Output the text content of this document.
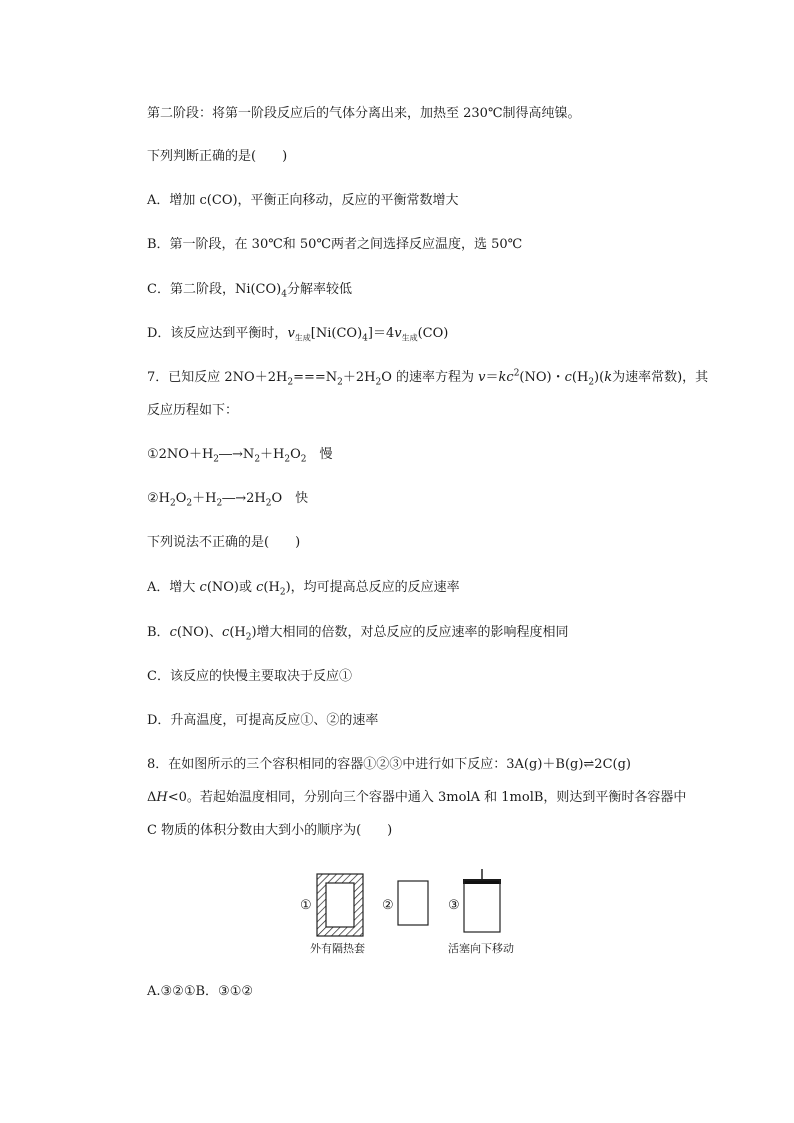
第二阶段：将第一阶段反应后的气体分离出来，加热至 230℃制得高纯镍。
下列判断正确的是(　　)
A．增加 c(CO)，平衡正向移动，反应的平衡常数增大
B．第一阶段，在 30℃和 50℃两者之间选择反应温度，选 50℃
C．第二阶段，$Ni(CO)_4$分解率较低
D．该反应达到平衡时，$v_{生成}[Ni(CO)_4]=4v_{生成}(CO)$
7．已知反应 $2NO+2H_2===N_2+2H_2O$ 的速率方程为 $v=kc^2(NO)$・$c(H_2)(k$为速率常数)，其
反应历程如下：
$①2NO+H_2―\to N_2+H_2O_2$　慢
$②H_2O_2+H_2―\to 2H_2O$　快
下列说法不正确的是(　　)
A．增大 c(NO)或 $c(H_2)$，均可提高总反应的反应速率
B．c(NO)、$c(H_2)$增大相同的倍数，对总反应的反应速率的影响程度相同
C．该反应的快慢主要取决于反应①
D．升高温度，可提高反应①、②的速率
8．在如图所示的三个容积相同的容器①②③中进行如下反应：3A(g)＋B(g)⇌2C(g)
ΔH<0。若起始温度相同，分别向三个容器中通入 3molA 和 1molB，则达到平衡时各容器中
C 物质的体积分数由大到小的顺序为(　　)
①
外有隔热套
②	③
活塞向下移动
A.③②①B．③①②
